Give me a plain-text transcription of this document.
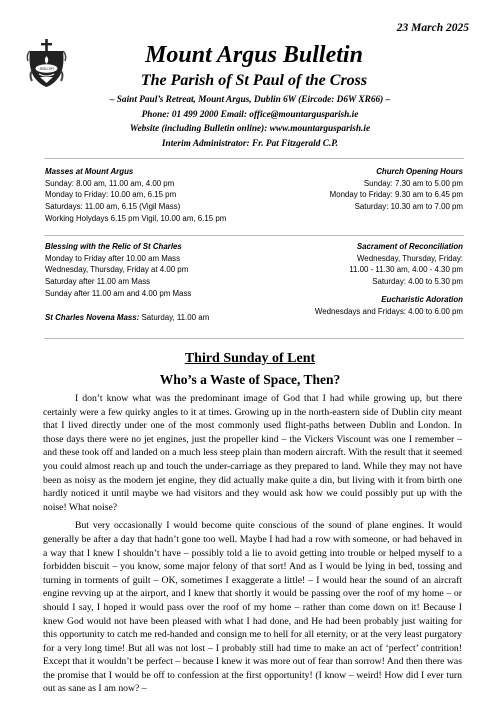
23 March 2025
JESU XPI
Mount Argus Bulletin
The Parish of St Paul of the Cross
– Saint Paul’s Retreat, Mount Argus, Dublin 6W (Eircode: D6W XR66) –
Phone: 01 499 2000 Email: office@mountargusparish.ie
Website (including Bulletin online): www.mountargusparish.ie
Interim Administrator: Fr. Pat Fitzgerald C.P.
Masses at Mount Argus
Sunday: 8.00 am, 11.00 am, 4.00 pm
Monday to Friday: 10.00 am, 6.15 pm
Saturdays: 11.00 am, 6.15 (Vigil Mass)
Working Holydays 6.15 pm Vigil, 10.00 am, 6.15 pm
Church Opening Hours
Sunday: 7.30 am to 5.00 pm
Monday to Friday: 9.30 am to 6.45 pm
Saturday: 10.30 am to 7.00 pm
Blessing with the Relic of St Charles
Monday to Friday after 10.00 am Mass
Wednesday, Thursday, Friday at 4.00 pm
Saturday after 11.00 am Mass
Sunday after 11.00 am and 4.00 pm Mass
St Charles Novena Mass: Saturday, 11.00 am
Sacrament of Reconciliation
Wednesday, Thursday, Friday:
11.00 - 11.30 am, 4.00 - 4.30 pm
Saturday: 4.00 to 5.30 pm
Eucharistic Adoration
Wednesdays and Fridays: 4.00 to 6.00 pm
Third Sunday of Lent
Who’s a Waste of Space, Then?

I don’t know what was the predominant image of God that I had while growing up, but there certainly were a few quirky angles to it at times. Growing up in the north-eastern side of Dublin city meant that I lived directly under one of the most commonly used flight-paths between Dublin and London. In those days there were no jet engines, just the propeller kind – the Vickers Viscount was one I remember – and these took off and landed on a much less steep plain than modern aircraft. With the result that it seemed you could almost reach up and touch the under-carriage as they prepared to land. While they may not have been as noisy as the modern jet engine, they did actually make quite a din, but living with it from birth one hardly noticed it until maybe we had visitors and they would ask how we could possibly put up with the noise! What noise?

But very occasionally I would become quite conscious of the sound of plane engines. It would generally be after a day that hadn’t gone too well. Maybe I had had a row with someone, or had behaved in a way that I knew I shouldn’t have – possibly told a lie to avoid getting into trouble or helped myself to a forbidden biscuit – you know, some major felony of that sort! And as I would be lying in bed, tossing and turning in torments of guilt – OK, sometimes I exaggerate a little! – I would hear the sound of an aircraft engine revving up at the airport, and I knew that shortly it would be passing over the roof of my home – or should I say, I hoped it would pass over the roof of my home – rather than come down on it! Because I knew God would not have been pleased with what I had done, and He had been probably just waiting for this opportunity to catch me red-handed and consign me to hell for all eternity, or at the very least purgatory for a very long time! But all was not lost – I probably still had time to make an act of ‘perfect’ contrition! Except that it wouldn’t be perfect – because I knew it was more out of fear than sorrow! And then there was the promise that I would be off to confession at the first opportunity! (I know – weird! How did I ever turn out as sane as I am now? –
